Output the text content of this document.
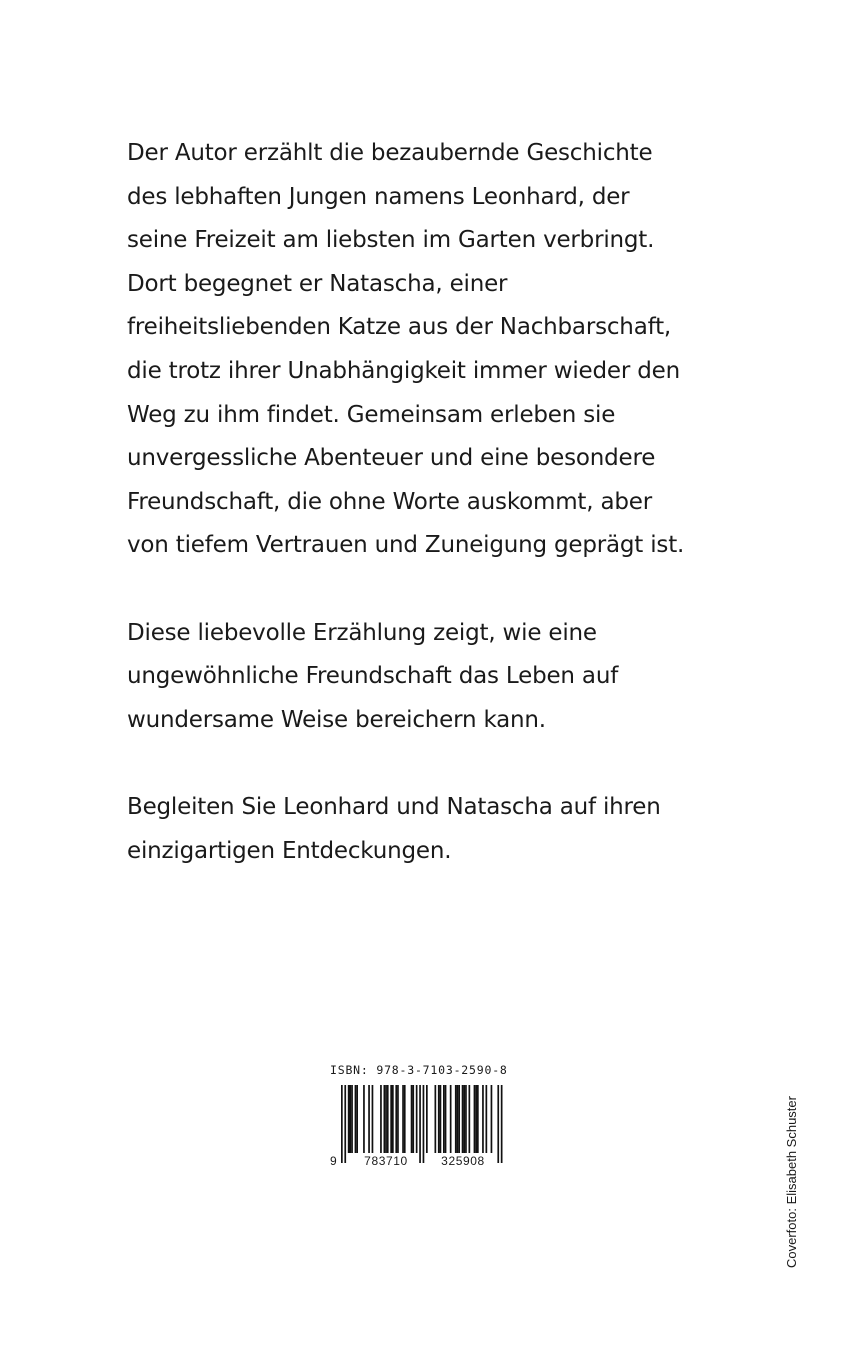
Der Autor erzählt die bezaubernde Geschichte
des lebhaften Jungen namens Leonhard, der
seine Freizeit am liebsten im Garten verbringt.
Dort begegnet er Natascha, einer
freiheitsliebenden Katze aus der Nachbarschaft,
die trotz ihrer Unabhängigkeit immer wieder den
Weg zu ihm findet. Gemeinsam erleben sie
unvergessliche Abenteuer und eine besondere
Freundschaft, die ohne Worte auskommt, aber
von tiefem Vertrauen und Zuneigung geprägt ist.

Diese liebevolle Erzählung zeigt, wie eine
ungewöhnliche Freundschaft das Leben auf
wundersame Weise bereichern kann.

Begleiten Sie Leonhard und Natascha auf ihren
einzigartigen Entdeckungen.

ISBN: 978-3-7103-2590-8
9 783710	325908	Coverfoto: Elisabeth Schuster
